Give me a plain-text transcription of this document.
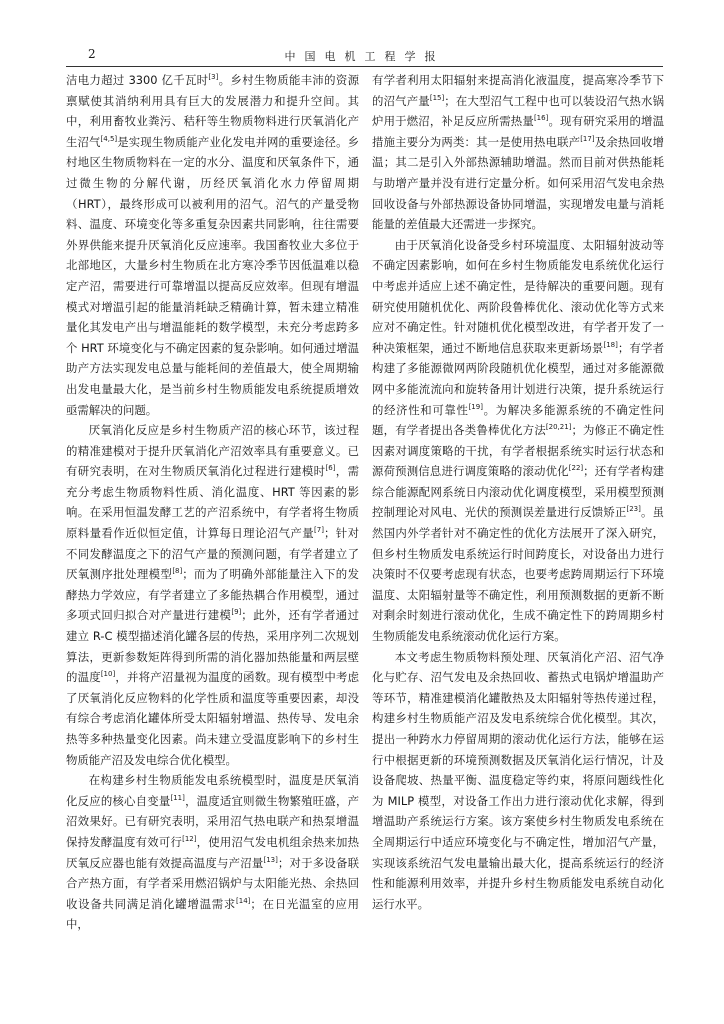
2	中国电机工程学报

洁电力超过 3300 亿千瓦时[3]。乡村生物质能丰沛的资源禀赋使其消纳利用具有巨大的发展潜力和提升空间。其中，利用畜牧业粪污、秸秆等生物质物料进行厌氧消化产生沼气[4,5]是实现生物质能产业化发电并网的重要途径。乡村地区生物质物料在一定的水分、温度和厌氧条件下，通过微生物的分解代谢，历经厌氧消化水力停留周期（HRT），最终形成可以被利用的沼气。沼气的产量受物料、温度、环境变化等多重复杂因素共同影响，往往需要外界供能来提升厌氧消化反应速率。我国畜牧业大多位于北部地区，大量乡村生物质在北方寒冷季节因低温难以稳定产沼，需要进行可靠增温以提高反应效率。但现有增温模式对增温引起的能量消耗缺乏精确计算，暂未建立精准量化其发电产出与增温能耗的数学模型，未充分考虑跨多个 HRT 环境变化与不确定因素的复杂影响。如何通过增温助产方法实现发电总量与能耗间的差值最大，使全周期输出发电量最大化，是当前乡村生物质能发电系统提质增效亟需解决的问题。

厌氧消化反应是乡村生物质产沼的核心环节，该过程的精准建模对于提升厌氧消化产沼效率具有重要意义。已有研究表明，在对生物质厌氧消化过程进行建模时[6]，需充分考虑生物质物料性质、消化温度、HRT 等因素的影响。在采用恒温发酵工艺的产沼系统中，有学者将生物质原料量看作近似恒定值，计算每日理论沼气产量[7]；针对不同发酵温度之下的沼气产量的预测问题，有学者建立了厌氧测序批处理模型[8]；而为了明确外部能量注入下的发酵热力学效应，有学者建立了多能热耦合作用模型，通过多项式回归拟合对产量进行建模[9]；此外，还有学者通过建立 R-C 模型描述消化罐各层的传热，采用序列二次规划算法，更新参数矩阵得到所需的消化器加热能量和两层壁的温度[10]，并将产沼量视为温度的函数。现有模型中考虑了厌氧消化反应物料的化学性质和温度等重要因素，却没有综合考虑消化罐体所受太阳辐射增温、热传导、发电余热等多种热量变化因素。尚未建立受温度影响下的乡村生物质能产沼及发电综合优化模型。

在构建乡村生物质能发电系统模型时，温度是厌氧消化反应的核心自变量[11]，温度适宜则微生物繁殖旺盛，产沼效果好。已有研究表明，采用沼气热电联产和热泵增温保持发酵温度有效可行[12]，使用沼气发电机组余热来加热厌氧反应器也能有效提高温度与产沼量[13]；对于多设备联合产热方面，有学者采用燃沼锅炉与太阳能光热、余热回收设备共同满足消化罐增温需求[14]；在日光温室的应用中，

有学者利用太阳辐射来提高消化液温度，提高寒冷季节下的沼气产量[15]；在大型沼气工程中也可以装设沼气热水锅炉用于燃沼，补足反应所需热量[16]。现有研究采用的增温措施主要分为两类：其一是使用热电联产[17]及余热回收增温；其二是引入外部热源辅助增温。然而目前对供热能耗与助增产量并没有进行定量分析。如何采用沼气发电余热回收设备与外部热源设备协同增温，实现增发电量与消耗能量的差值最大还需进一步探究。

由于厌氧消化设备受乡村环境温度、太阳辐射波动等不确定因素影响，如何在乡村生物质能发电系统优化运行中考虑并适应上述不确定性，是待解决的重要问题。现有研究使用随机优化、两阶段鲁棒优化、滚动优化等方式来应对不确定性。针对随机优化模型改进，有学者开发了一种决策框架，通过不断地信息获取来更新场景[18]；有学者构建了多能源微网两阶段随机优化模型，通过对多能源微网中多能流流向和旋转备用计划进行决策，提升系统运行的经济性和可靠性[19]。为解决多能源系统的不确定性问题，有学者提出各类鲁棒优化方法[20,21]；为修正不确定性因素对调度策略的干扰，有学者根据系统实时运行状态和源荷预测信息进行调度策略的滚动优化[22]；还有学者构建综合能源配网系统日内滚动优化调度模型，采用模型预测控制理论对风电、光伏的预测误差量进行反馈矫正[23]。虽然国内外学者针对不确定性的优化方法展开了深入研究，但乡村生物质发电系统运行时间跨度长，对设备出力进行决策时不仅要考虑现有状态，也要考虑跨周期运行下环境温度、太阳辐射量等不确定性，利用预测数据的更新不断对剩余时刻进行滚动优化，生成不确定性下的跨周期乡村生物质能发电系统滚动优化运行方案。

本文考虑生物质物料预处理、厌氧消化产沼、沼气净化与贮存、沼气发电及余热回收、蓄热式电锅炉增温助产等环节，精准建模消化罐散热及太阳辐射等热传递过程，构建乡村生物质能产沼及发电系统综合优化模型。其次，提出一种跨水力停留周期的滚动优化运行方法，能够在运行中根据更新的环境预测数据及厌氧消化运行情况，计及设备爬坡、热量平衡、温度稳定等约束，将原问题线性化为 MILP 模型，对设备工作出力进行滚动优化求解，得到增温助产系统运行方案。该方案使乡村生物质发电系统在全周期运行中适应环境变化与不确定性，增加沼气产量，实现该系统沼气发电量输出最大化，提高系统运行的经济性和能源利用效率，并提升乡村生物质能发电系统自动化运行水平。
